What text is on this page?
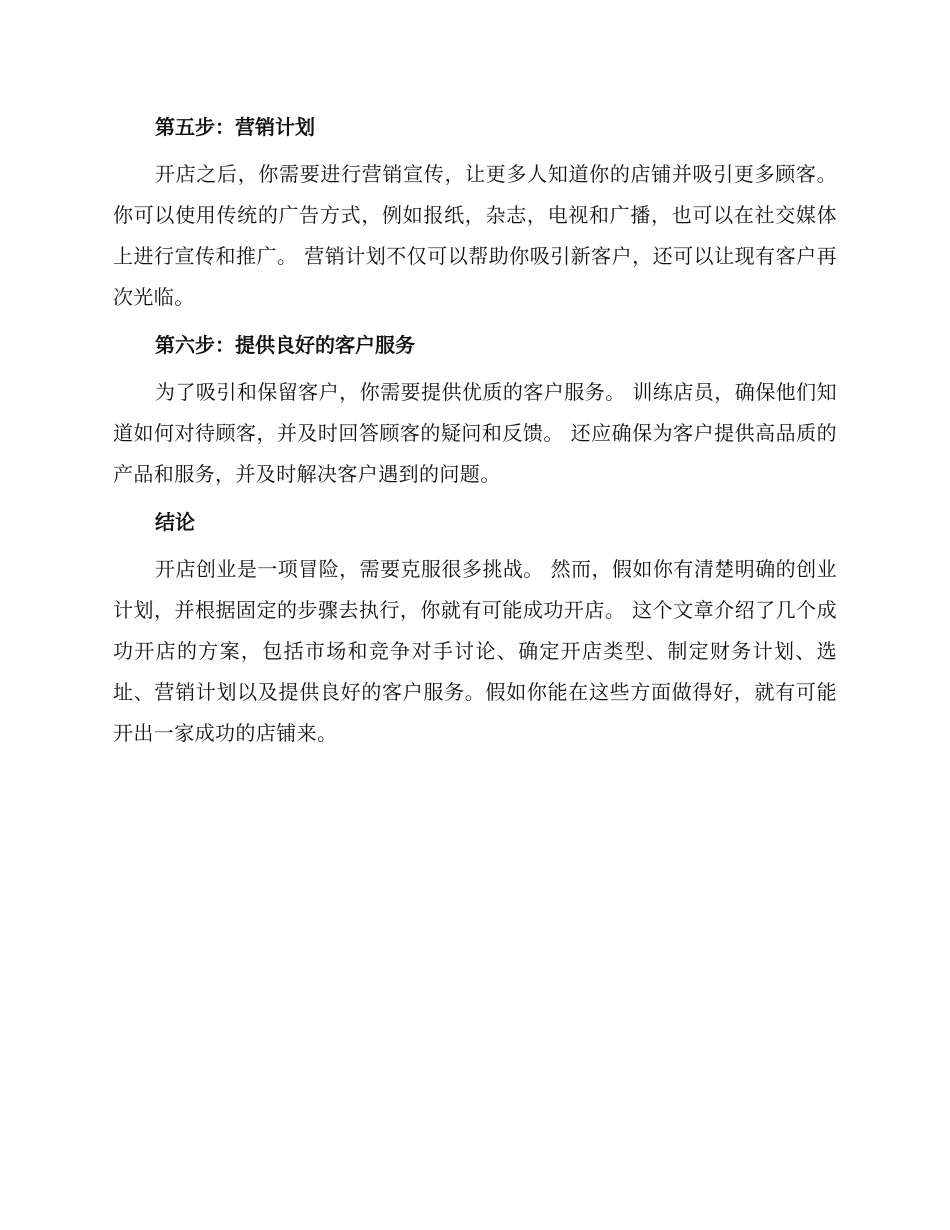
第五步：营销计划

开店之后，你需要进行营销宣传，让更多人知道你的店铺并吸引更多顾客。 你可以使用传统的广告方式，例如报纸，杂志，电视和广播，也可以在社交媒体上进行宣传和推广。 营销计划不仅可以帮助你吸引新客户，还可以让现有客户再次光临。

第六步：提供良好的客户服务

为了吸引和保留客户，你需要提供优质的客户服务。 训练店员，确保他们知道如何对待顾客，并及时回答顾客的疑问和反馈。 还应确保为客户提供高品质的产品和服务，并及时解决客户遇到的问题。

结论

开店创业是一项冒险，需要克服很多挑战。 然而，假如你有清楚明确的创业计划，并根据固定的步骤去执行，你就有可能成功开店。 这个文章介绍了几个成功开店的方案，包括市场和竞争对手讨论、确定开店类型、制定财务计划、选址、营销计划以及提供良好的客户服务。假如你能在这些方面做得好，就有可能开出一家成功的店铺来。
